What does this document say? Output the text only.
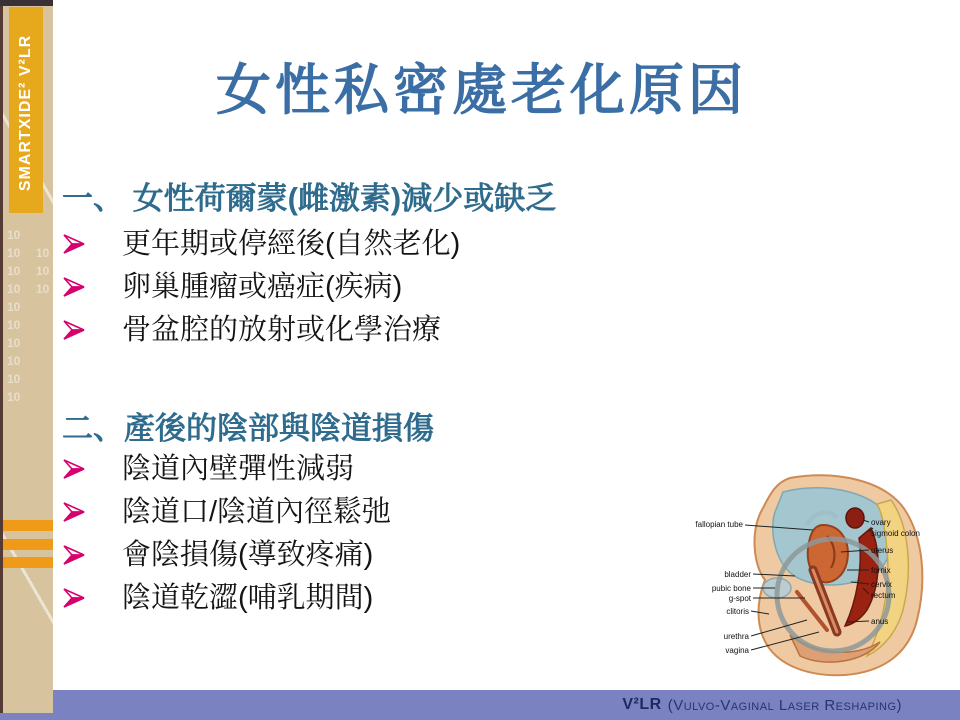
V²LR (Vulvo-Vaginal Laser Reshaping)
10
10
10
10
10
10
10
10
10
10
10
10
10
SMARTXIDE² V²LR	女性私密處老化原因
一、 女性荷爾蒙(雌激素)減少或缺乏
更年期或停經後(自然老化)
卵巢腫瘤或癌症(疾病)
骨盆腔的放射或化學治療
二、產後的陰部與陰道損傷
陰道內壁彈性減弱
陰道口/陰道內徑鬆弛
會陰損傷(導致疼痛)
陰道乾澀(哺乳期間)
fallopian tube
bladder
pubic bone
g-spot
clitoris
urethra
vagina
ovary
sigmoid colon
uterus
fornix
cervix
rectum
anus
